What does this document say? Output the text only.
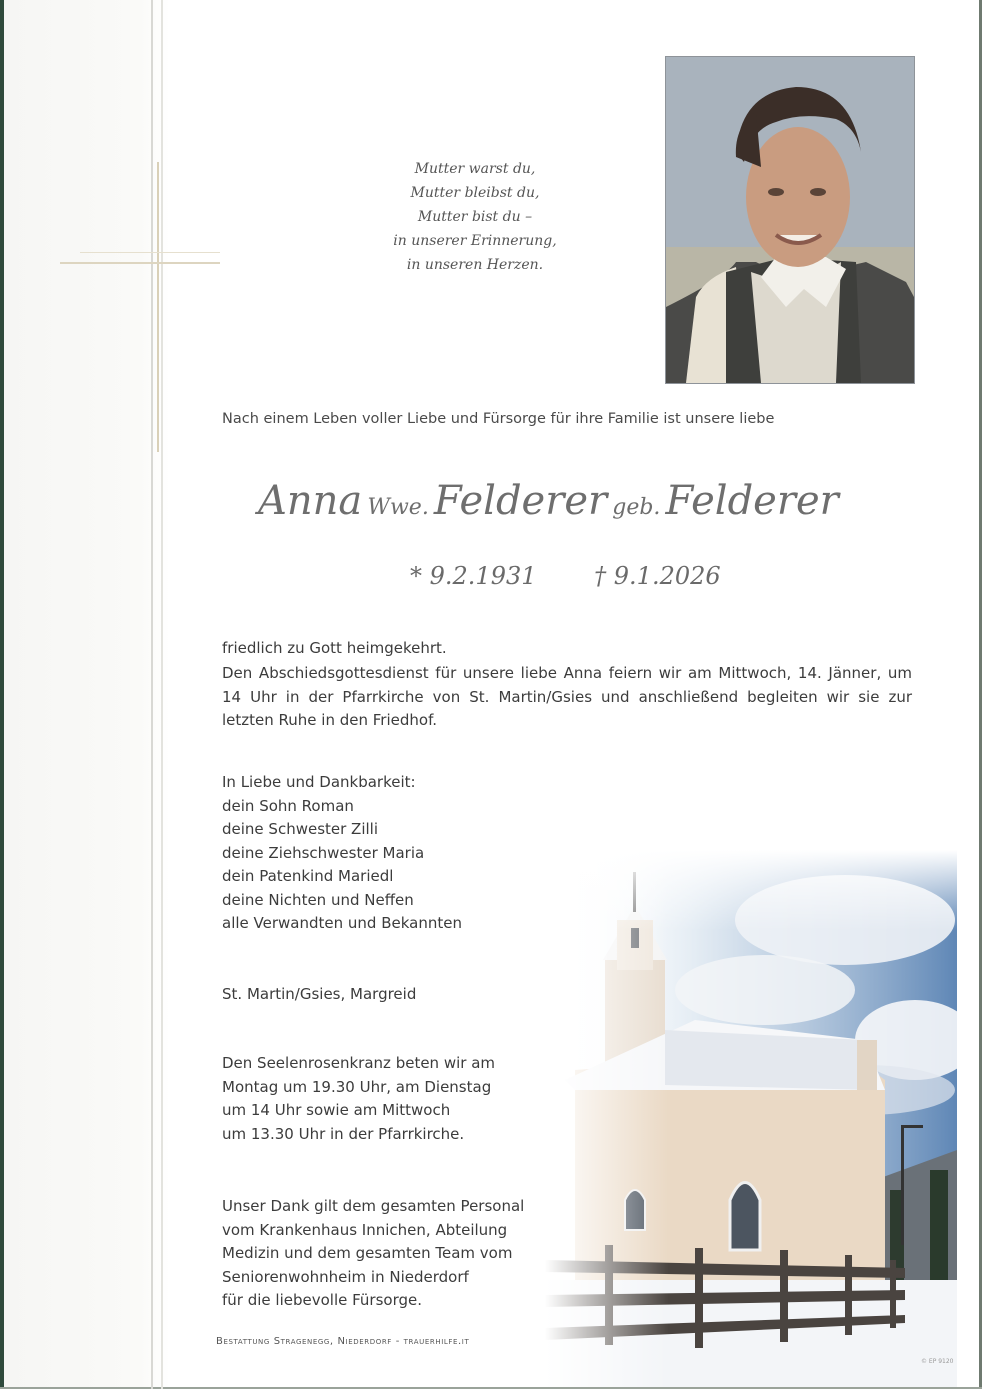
Mutter warst du,
Mutter bleibst du,
Mutter bist du –
in unserer Erinnerung,
in unseren Herzen.
Nach einem Leben voller Liebe und Fürsorge für ihre Familie ist unsere liebe
Anna Wwe. Felderer geb. Felderer
* 9.2.1931 † 9.1.2026
friedlich zu Gott heimgekehrt.
Den Abschiedsgottesdienst für unsere liebe Anna feiern wir am Mittwoch, 14. Jänner, um 14 Uhr in der Pfarrkirche von St. Martin/Gsies und anschließend begleiten wir sie zur letzten Ruhe in den Friedhof.
In Liebe und Dankbarkeit:
dein Sohn Roman
deine Schwester Zilli
deine Ziehschwester Maria
dein Patenkind Mariedl
deine Nichten und Neffen
alle Verwandten und Bekannten
St. Martin/Gsies, Margreid
Den Seelenrosenkranz beten wir am
Montag um 19.30 Uhr, am Dienstag
um 14 Uhr sowie am Mittwoch
um 13.30 Uhr in der Pfarrkirche.
Unser Dank gilt dem gesamten Personal
vom Krankenhaus Innichen, Abteilung
Medizin und dem gesamten Team vom
Seniorenwohnheim in Niederdorf
für die liebevolle Fürsorge.
Bestattung Stragenegg, Niederdorf - trauerhilfe.it
© EP 9120
